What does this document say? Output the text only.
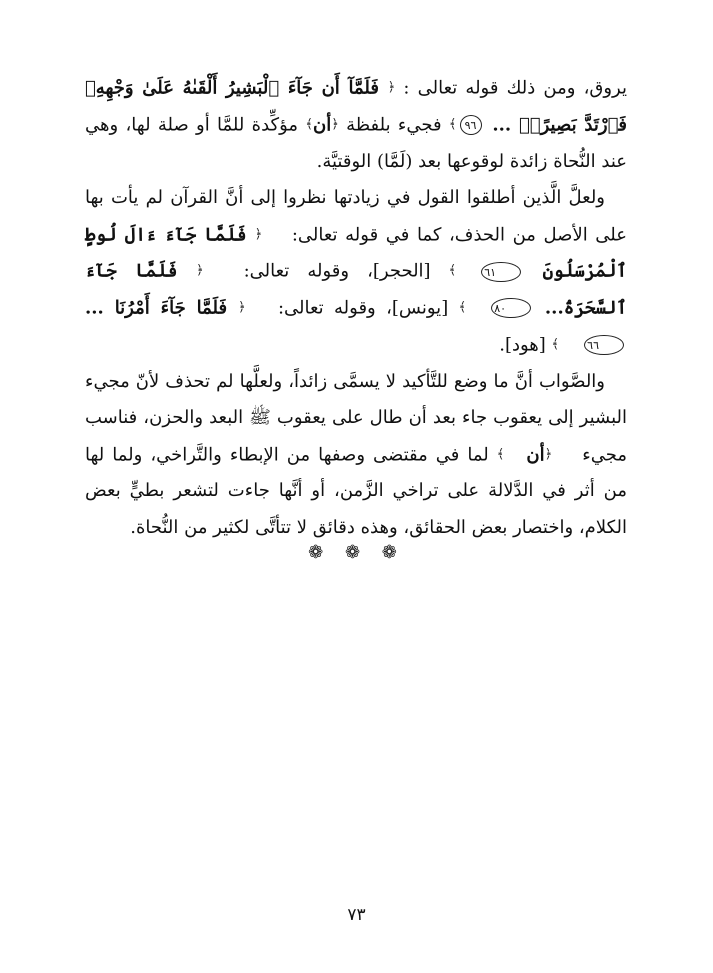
يروق، ومن ذلك قوله تعالى : ﴿ فَلَمَّآ أَن جَآءَ ٱلْبَشِيرُ أَلْقَىٰهُ عَلَىٰ وَجْهِهِۦ فَٱرْتَدَّ بَصِيرًاۖ ... ٩٦﴾ فجيء بلفظة ﴿أن﴾ مؤكِّدة للمَّا أو صلة لها، وهي عند النُّحاة زائدة لوقوعها بعد (لَمَّا) الوقتيَّة.

ولعلَّ الَّذين أطلقوا القول في زيادتها نظروا إلى أنَّ القرآن لم يأت بها على الأصل من الحذف، كما في قوله تعالى: ﴿ فَلَمَّا جَآءَ ءَالَ لُوطٍ ٱلْمُرْسَلُونَ ٦١﴾ [الحجر]، وقوله تعالى: ﴿ فَلَمَّا جَآءَ ٱلسَّحَرَةُ... ٨٠﴾ [يونس]، وقوله تعالى: ﴿ فَلَمَّا جَآءَ أَمْرُنَا ... ٦٦﴾ [هود].

والصَّواب أنَّ ما وضع للتَّأكيد لا يسمَّى زائداً، ولعلَّها لم تحذف لأنّ مجيء البشير إلى يعقوب جاء بعد أن طال على يعقوب ﷺ البعد والحزن، فناسب مجيء ﴿أن﴾ لما في مقتضى وصفها من الإبطاء والتَّراخي، ولما لها من أثر في الدَّلالة على تراخي الزَّمن، أو أنَّها جاءت لتشعر بطيٍّ بعض الكلام، واختصار بعض الحقائق، وهذه دقائق لا تتأتَّى لكثير من النُّحاة.

❁ ❁ ❁
٧٣
